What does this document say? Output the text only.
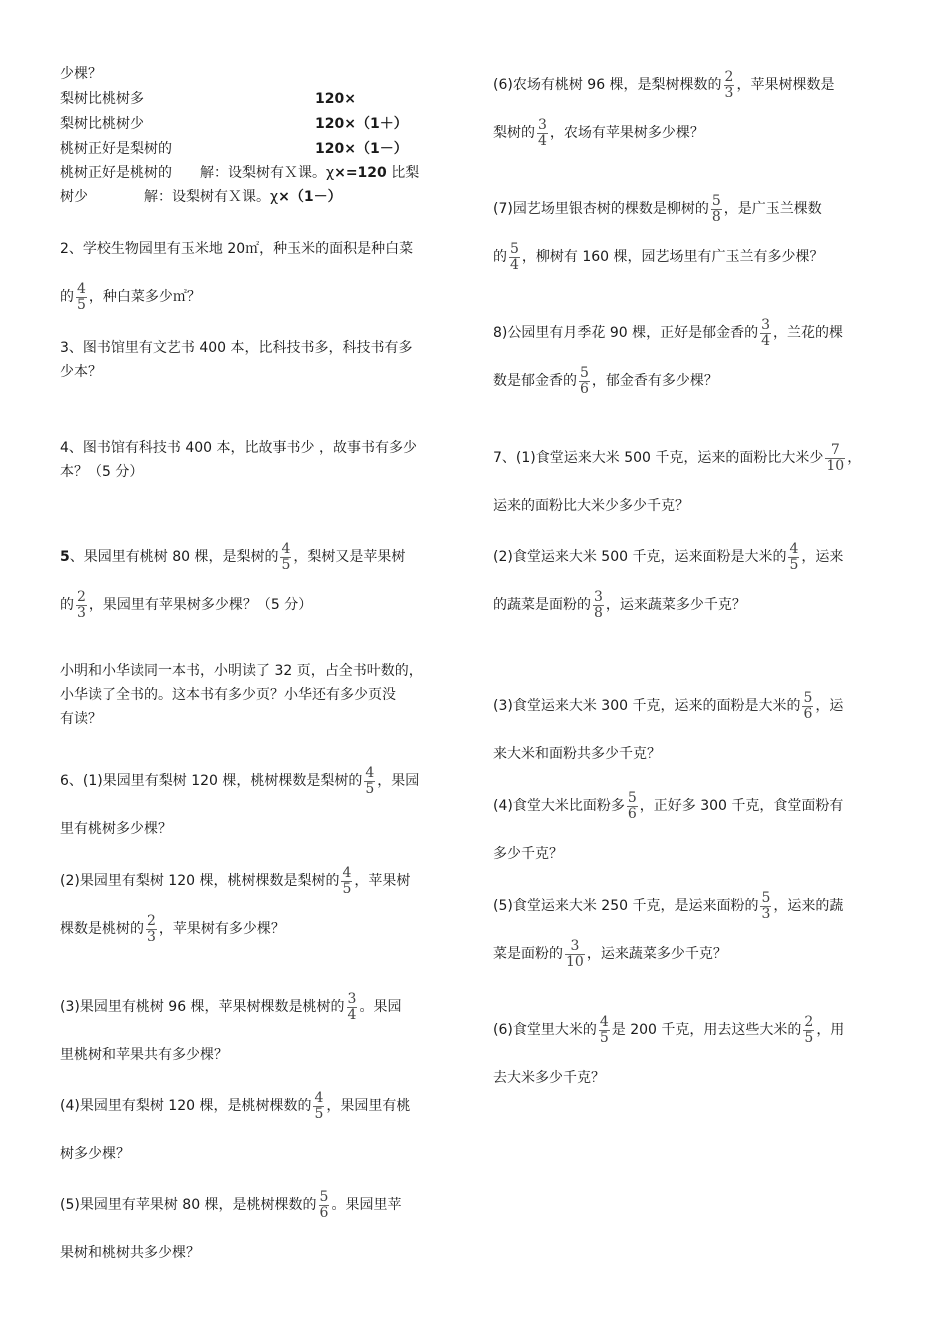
少棵？
梨树比桃树多	120×
梨树比桃树少	120×（1＋）
桃树正好是梨树的	120×（1－）
桃树正好是桃树的　　解：设梨树有Ｘ课。χ×=120 比梨
树少　　　　解：设梨树有Ｘ课。χ×（1－）
2、学校生物园里有玉米地 20㎡，种玉米的面积是种白菜
的 $\frac{4}{5}$ ，种白菜多少㎡？
3、图书馆里有文艺书 400 本，比科技书多，科技书有多
少本？
4、图书馆有科技书 400 本，比故事书少 ，故事书有多少
本？（5 分）
5、果园里有桃树 80 棵，是梨树的 $\frac{4}{5}$ ，梨树又是苹果树
的 $\frac{2}{3}$ ，果园里有苹果树多少棵？（5 分）
小明和小华读同一本书，小明读了 32 页，占全书叶数的，
小华读了全书的。这本书有多少页？小华还有多少页没
有读？
6、(1)果园里有梨树 120 棵，桃树棵数是梨树的 $\frac{4}{5}$ ，果园
里有桃树多少棵？
(2)果园里有梨树 120 棵，桃树棵数是梨树的 $\frac{4}{5}$ ，苹果树
棵数是桃树的 $\frac{2}{3}$ ，苹果树有多少棵？
(3)果园里有桃树 96 棵，苹果树棵数是桃树的 $\frac{3}{4}$ 。果园
里桃树和苹果共有多少棵？
(4)果园里有梨树 120 棵，是桃树棵数的 $\frac{4}{5}$ ，果园里有桃
树多少棵？
(5)果园里有苹果树 80 棵，是桃树棵数的 $\frac{5}{6}$ 。果园里苹
果树和桃树共多少棵？
(6)农场有桃树 96 棵，是梨树棵数的 $\frac{2}{3}$ ，苹果树棵数是
梨树的 $\frac{3}{4}$ ，农场有苹果树多少棵？
(7)园艺场里银杏树的棵数是柳树的 $\frac{5}{8}$ ，是广玉兰棵数
的 $\frac{5}{4}$ ，柳树有 160 棵，园艺场里有广玉兰有多少棵？
8)公园里有月季花 90 棵，正好是郁金香的 $\frac{3}{4}$ ，兰花的棵
数是郁金香的 $\frac{5}{6}$ ，郁金香有多少棵？
7、(1)食堂运来大米 500 千克，运来的面粉比大米少 $\frac{7}{10}$ ，
运来的面粉比大米少多少千克？
(2)食堂运来大米 500 千克，运来面粉是大米的 $\frac{4}{5}$ ，运来
的蔬菜是面粉的 $\frac{3}{8}$ ，运来蔬菜多少千克？
(3)食堂运来大米 300 千克，运来的面粉是大米的 $\frac{5}{6}$ ，运
来大米和面粉共多少千克？
(4)食堂大米比面粉多 $\frac{5}{6}$ ，正好多 300 千克，食堂面粉有
多少千克？
(5)食堂运来大米 250 千克，是运来面粉的 $\frac{5}{3}$ ，运来的蔬
菜是面粉的 $\frac{3}{10}$ ，运来蔬菜多少千克？
(6)食堂里大米的 $\frac{4}{5}$ 是 200 千克，用去这些大米的 $\frac{2}{5}$ ，用
去大米多少千克？
